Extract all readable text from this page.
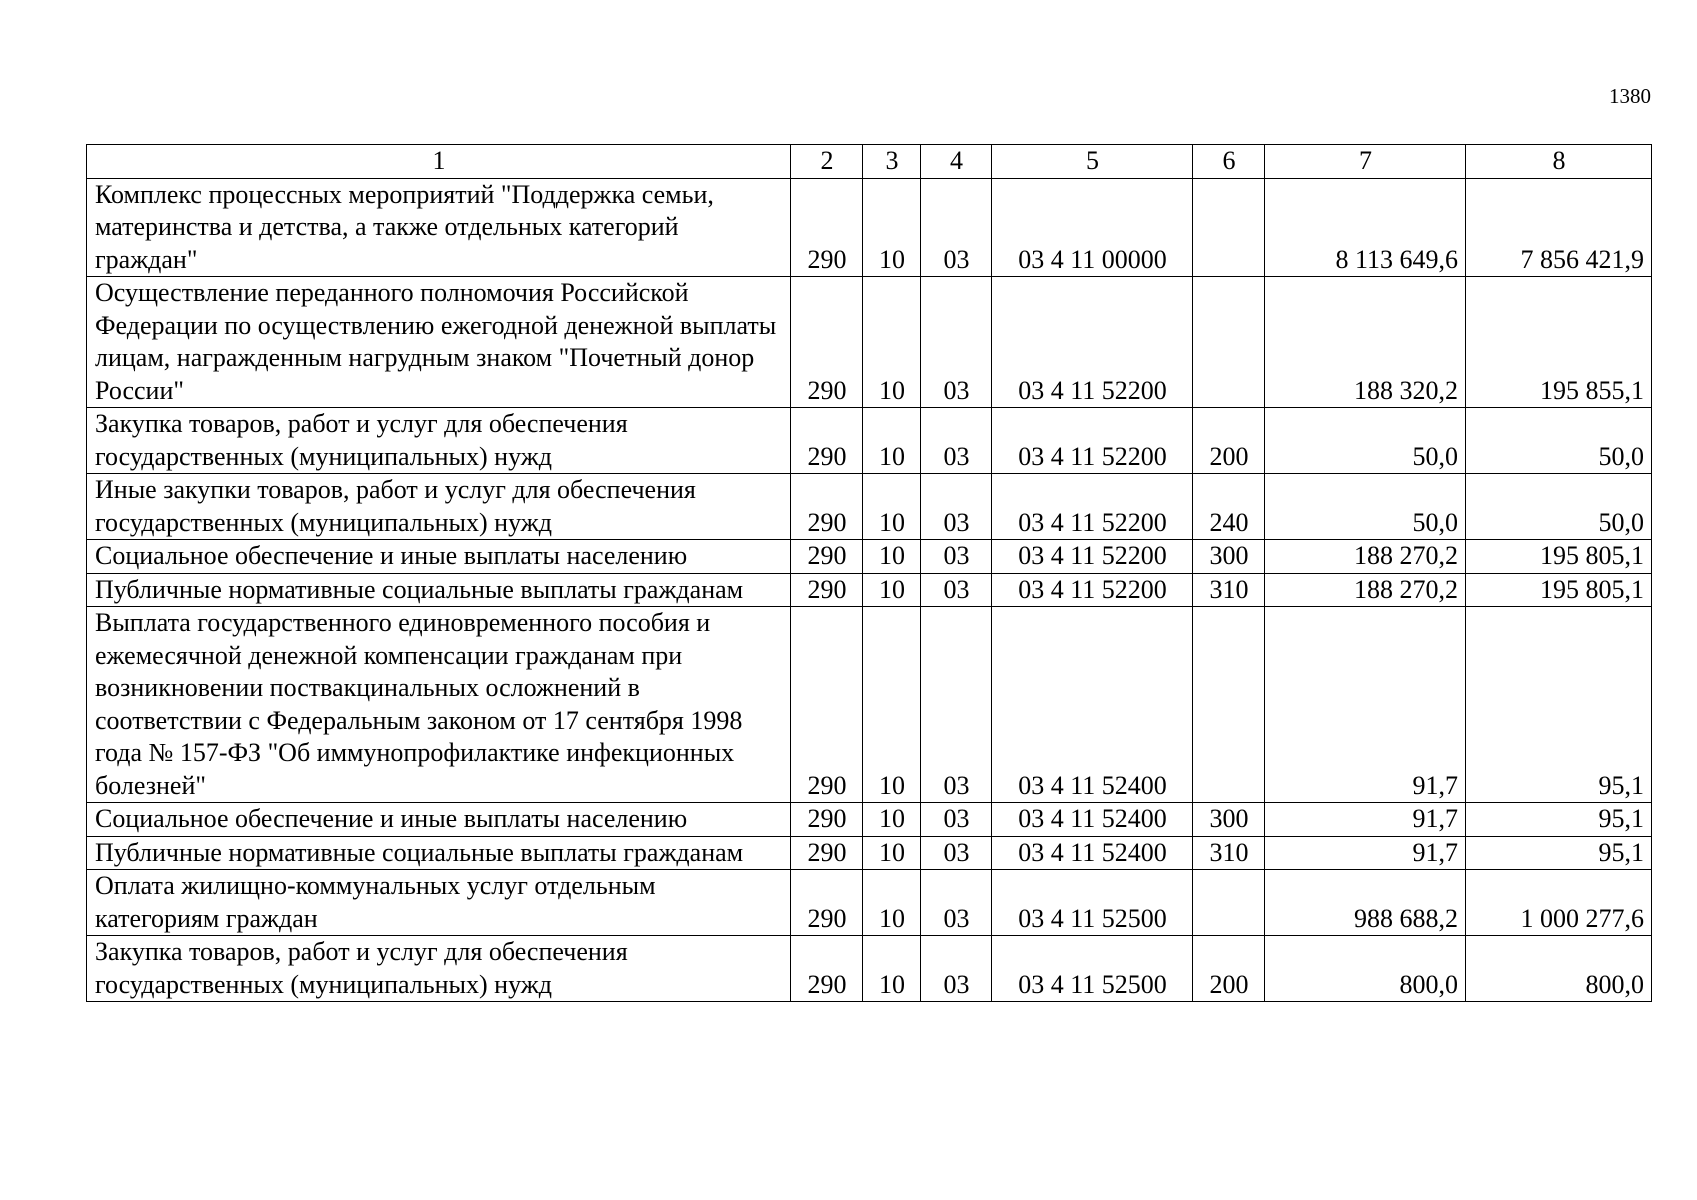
1380
1	2	3	4	5	6	7	8
Комплекс процессных мероприятий "Поддержка семьи, материнства и детства, а также отдельных категорий граждан"	290	10	03	03 4 11 00000		8 113 649,6	7 856 421,9
Осуществление переданного полномочия Российской Федерации по осуществлению ежегодной денежной выплаты лицам, награжденным нагрудным знаком "Почетный донор России"	290	10	03	03 4 11 52200		188 320,2	195 855,1
Закупка товаров, работ и услуг для обеспечения государственных (муниципальных) нужд	290	10	03	03 4 11 52200	200	50,0	50,0
Иные закупки товаров, работ и услуг для обеспечения государственных (муниципальных) нужд	290	10	03	03 4 11 52200	240	50,0	50,0
Социальное обеспечение и иные выплаты населению	290	10	03	03 4 11 52200	300	188 270,2	195 805,1
Публичные нормативные социальные выплаты гражданам	290	10	03	03 4 11 52200	310	188 270,2	195 805,1
Выплата государственного единовременного пособия и ежемесячной денежной компенсации гражданам при возникновении поствакцинальных осложнений в соответствии с Федеральным законом от 17 сентября 1998 года № 157-ФЗ "Об иммунопрофилактике инфекционных болезней"	290	10	03	03 4 11 52400		91,7	95,1
Социальное обеспечение и иные выплаты населению	290	10	03	03 4 11 52400	300	91,7	95,1
Публичные нормативные социальные выплаты гражданам	290	10	03	03 4 11 52400	310	91,7	95,1
Оплата жилищно-коммунальных услуг отдельным категориям граждан	290	10	03	03 4 11 52500		988 688,2	1 000 277,6
Закупка товаров, работ и услуг для обеспечения государственных (муниципальных) нужд	290	10	03	03 4 11 52500	200	800,0	800,0
